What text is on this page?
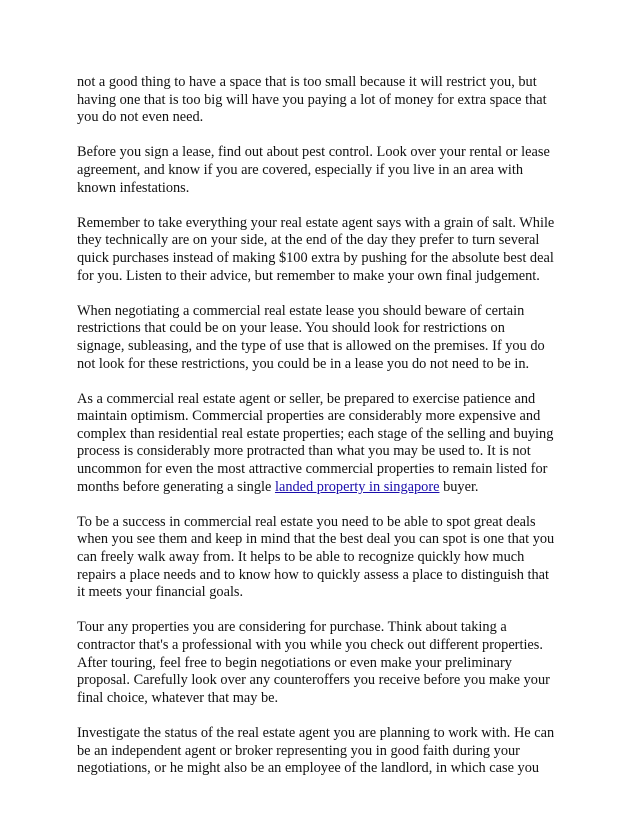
not a good thing to have a space that is too small because it will restrict you, but
having one that is too big will have you paying a lot of money for extra space that
you do not even need.

Before you sign a lease, find out about pest control. Look over your rental or lease
agreement, and know if you are covered, especially if you live in an area with
known infestations.

Remember to take everything your real estate agent says with a grain of salt. While
they technically are on your side, at the end of the day they prefer to turn several
quick purchases instead of making $100 extra by pushing for the absolute best deal
for you. Listen to their advice, but remember to make your own final judgement.

When negotiating a commercial real estate lease you should beware of certain
restrictions that could be on your lease. You should look for restrictions on
signage, subleasing, and the type of use that is allowed on the premises. If you do
not look for these restrictions, you could be in a lease you do not need to be in.

As a commercial real estate agent or seller, be prepared to exercise patience and
maintain optimism. Commercial properties are considerably more expensive and
complex than residential real estate properties; each stage of the selling and buying
process is considerably more protracted than what you may be used to. It is not
uncommon for even the most attractive commercial properties to remain listed for
months before generating a single landed property in singapore buyer.

To be a success in commercial real estate you need to be able to spot great deals
when you see them and keep in mind that the best deal you can spot is one that you
can freely walk away from. It helps to be able to recognize quickly how much
repairs a place needs and to know how to quickly assess a place to distinguish that
it meets your financial goals.

Tour any properties you are considering for purchase. Think about taking a
contractor that's a professional with you while you check out different properties.
After touring, feel free to begin negotiations or even make your preliminary
proposal. Carefully look over any counteroffers you receive before you make your
final choice, whatever that may be.

Investigate the status of the real estate agent you are planning to work with. He can
be an independent agent or broker representing you in good faith during your
negotiations, or he might also be an employee of the landlord, in which case you
